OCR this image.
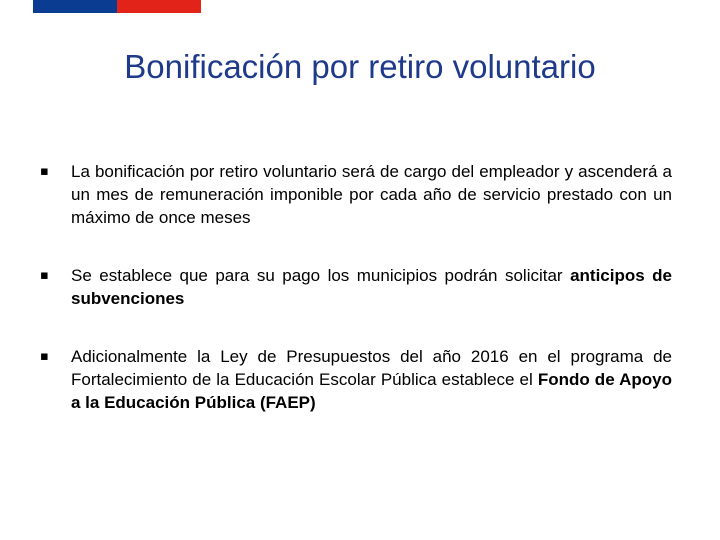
Bonificación por retiro voluntario
▪ La bonificación por retiro voluntario será de cargo del empleador y ascenderá a un mes de remuneración imponible por cada año de servicio prestado con un máximo de once meses
▪ Se establece que para su pago los municipios podrán solicitar anticipos de subvenciones
▪ Adicionalmente la Ley de Presupuestos del año 2016 en el programa de Fortalecimiento de la Educación Escolar Pública establece el Fondo de Apoyo a la Educación Pública (FAEP)
